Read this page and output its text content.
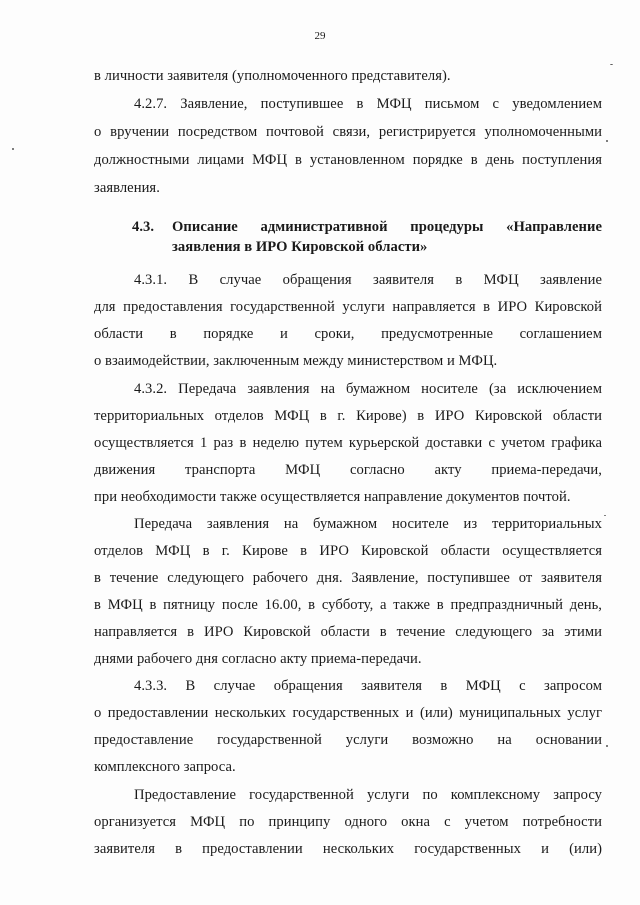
29
в личности заявителя (уполномоченного представителя).
4.2.7. Заявление, поступившее в МФЦ письмом с уведомлением
о вручении посредством почтовой связи, регистрируется уполномоченными
должностными лицами МФЦ в установленном порядке в день поступления
заявления.
4.3.	Описание административной процедуры «Направление
заявления в ИРО Кировской области»
4.3.1. В случае обращения заявителя в МФЦ заявление
для предоставления государственной услуги направляется в ИРО Кировской
области в порядке и сроки, предусмотренные соглашением
о взаимодействии, заключенным между министерством и МФЦ.
4.3.2. Передача заявления на бумажном носителе (за исключением
территориальных отделов МФЦ в г. Кирове) в ИРО Кировской области
осуществляется 1 раз в неделю путем курьерской доставки с учетом графика
движения транспорта МФЦ согласно акту приема-передачи,
при необходимости также осуществляется направление документов почтой.
Передача заявления на бумажном носителе из территориальных
отделов МФЦ в г. Кирове в ИРО Кировской области осуществляется
в течение следующего рабочего дня. Заявление, поступившее от заявителя
в МФЦ в пятницу после 16.00, в субботу, а также в предпраздничный день,
направляется в ИРО Кировской области в течение следующего за этими
днями рабочего дня согласно акту приема-передачи.
4.3.3. В случае обращения заявителя в МФЦ с запросом
о предоставлении нескольких государственных и (или) муниципальных услуг
предоставление государственной услуги возможно на основании
комплексного запроса.
Предоставление государственной услуги по комплексному запросу
организуется МФЦ по принципу одного окна с учетом потребности
заявителя в предоставлении нескольких государственных и (или)
